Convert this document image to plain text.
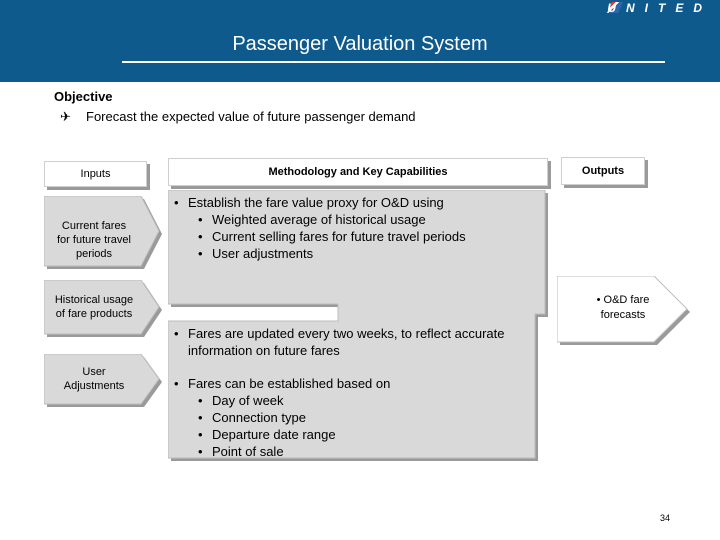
UNITED
Passenger Valuation System
Objective
✈ Forecast the expected value of future passenger demand
Inputs	Methodology and Key Capabilities	Outputs
Current fares
for future travel
periods
Historical usage
of fare products
User
Adjustments
• Establish the fare value proxy for O&D using
• Weighted average of historical usage
• Current selling fares for future travel periods
• User adjustments
• Fares are updated every two weeks, to reflect accurate
information on future fares
• Fares can be established based on
• Day of week
• Connection type
• Departure date range
• Point of sale
• O&D fare
forecasts
34
